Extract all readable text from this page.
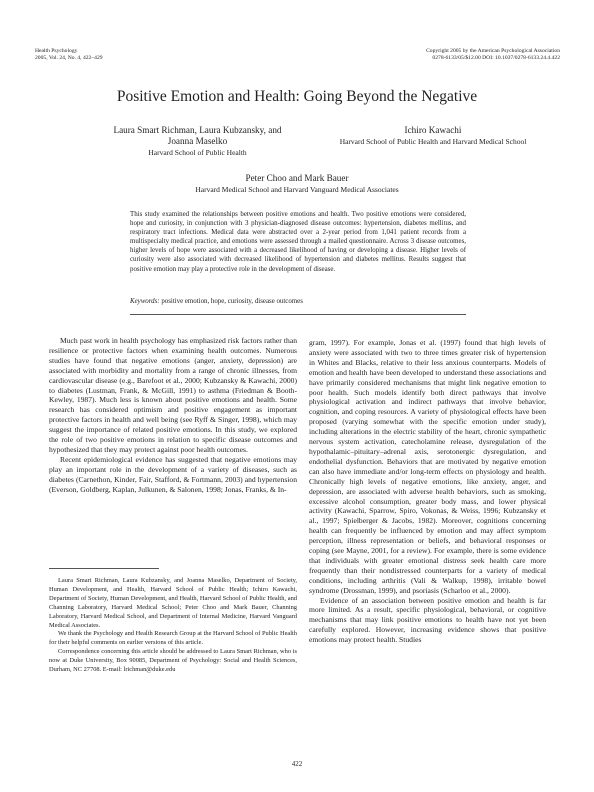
Health Psychology
2005, Vol. 24, No. 4, 422–429
Copyright 2005 by the American Psychological Association
0278-6133/05/$12.00 DOI: 10.1037/0278-6133.24.4.422
Positive Emotion and Health: Going Beyond the Negative
Laura Smart Richman, Laura Kubzansky, and
Joanna Maselko
Harvard School of Public Health
Ichiro Kawachi
Harvard School of Public Health and Harvard Medical School
Peter Choo and Mark Bauer
Harvard Medical School and Harvard Vanguard Medical Associates
This study examined the relationships between positive emotions and health. Two positive emotions were considered, hope and curiosity, in conjunction with 3 physician-diagnosed disease outcomes: hypertension, diabetes mellitus, and respiratory tract infections. Medical data were abstracted over a 2-year period from 1,041 patient records from a multispecialty medical practice, and emotions were assessed through a mailed questionnaire. Across 3 disease outcomes, higher levels of hope were associated with a decreased likelihood of having or developing a disease. Higher levels of curiosity were also associated with decreased likelihood of hypertension and diabetes mellitus. Results suggest that positive emotion may play a protective role in the development of disease.
Keywords: positive emotion, hope, curiosity, disease outcomes

Much past work in health psychology has emphasized risk factors rather than resilience or protective factors when examining health outcomes. Numerous studies have found that negative emotions (anger, anxiety, depression) are associated with morbidity and mortality from a range of chronic illnesses, from cardiovascular disease (e.g., Barefoot et al., 2000; Kubzansky & Kawachi, 2000) to diabetes (Lustman, Frank, & McGill, 1991) to asthma (Friedman & Booth-Kewley, 1987). Much less is known about positive emotions and health. Some research has considered optimism and positive engagement as important protective factors in health and well being (see Ryff & Singer, 1998), which may suggest the importance of related positive emotions. In this study, we explored the role of two positive emotions in relation to specific disease outcomes and hypothesized that they may protect against poor health outcomes.

Recent epidemiological evidence has suggested that negative emotions may play an important role in the development of a variety of diseases, such as diabetes (Carnethon, Kinder, Fair, Stafford, & Fortmann, 2003) and hypertension (Everson, Goldberg, Kaplan, Julkunen, & Salonen, 1998; Jonas, Franks, & In-

Laura Smart Richman, Laura Kubzansky, and Joanna Maselko, Department of Society, Human Development, and Health, Harvard School of Public Health; Ichiro Kawachi, Department of Society, Human Development, and Health, Harvard School of Public Health, and Channing Laboratory, Harvard Medical School; Peter Choo and Mark Bauer, Channing Laboratory, Harvard Medical School, and Department of Internal Medicine, Harvard Vanguard Medical Associates.

We thank the Psychology and Health Research Group at the Harvard School of Public Health for their helpful comments on earlier versions of this article.

Correspondence concerning this article should be addressed to Laura Smart Richman, who is now at Duke University, Box 90085, Department of Psychology: Social and Health Sciences, Durham, NC 27708. E-mail: lrichman@duke.edu

gram, 1997). For example, Jonas et al. (1997) found that high levels of anxiety were associated with two to three times greater risk of hypertension in Whites and Blacks, relative to their less anxious counterparts. Models of emotion and health have been developed to understand these associations and have primarily considered mechanisms that might link negative emotion to poor health. Such models identify both direct pathways that involve physiological activation and indirect pathways that involve behavior, cognition, and coping resources. A variety of physiological effects have been proposed (varying somewhat with the specific emotion under study), including alterations in the electric stability of the heart, chronic sympathetic nervous system activation, catecholamine release, dysregulation of the hypothalamic–pituitary–adrenal axis, serotonergic dysregulation, and endothelial dysfunction. Behaviors that are motivated by negative emotion can also have immediate and/or long-term effects on physiology and health. Chronically high levels of negative emotions, like anxiety, anger, and depression, are associated with adverse health behaviors, such as smoking, excessive alcohol consumption, greater body mass, and lower physical activity (Kawachi, Sparrow, Spiro, Vokonas, & Weiss, 1996; Kubzansky et al., 1997; Spielberger & Jacobs, 1982). Moreover, cognitions concerning health can frequently be influenced by emotion and may affect symptom perception, illness representation or beliefs, and behavioral responses or coping (see Mayne, 2001, for a review). For example, there is some evidence that individuals with greater emotional distress seek health care more frequently than their nondistressed counterparts for a variety of medical conditions, including arthritis (Vali & Walkup, 1998), irritable bowel syndrome (Drossman, 1999), and psoriasis (Scharloo et al., 2000).

Evidence of an association between positive emotion and health is far more limited. As a result, specific physiological, behavioral, or cognitive mechanisms that may link positive emotions to health have not yet been carefully explored. However, increasing evidence shows that positive emotions may protect health. Studies

422
